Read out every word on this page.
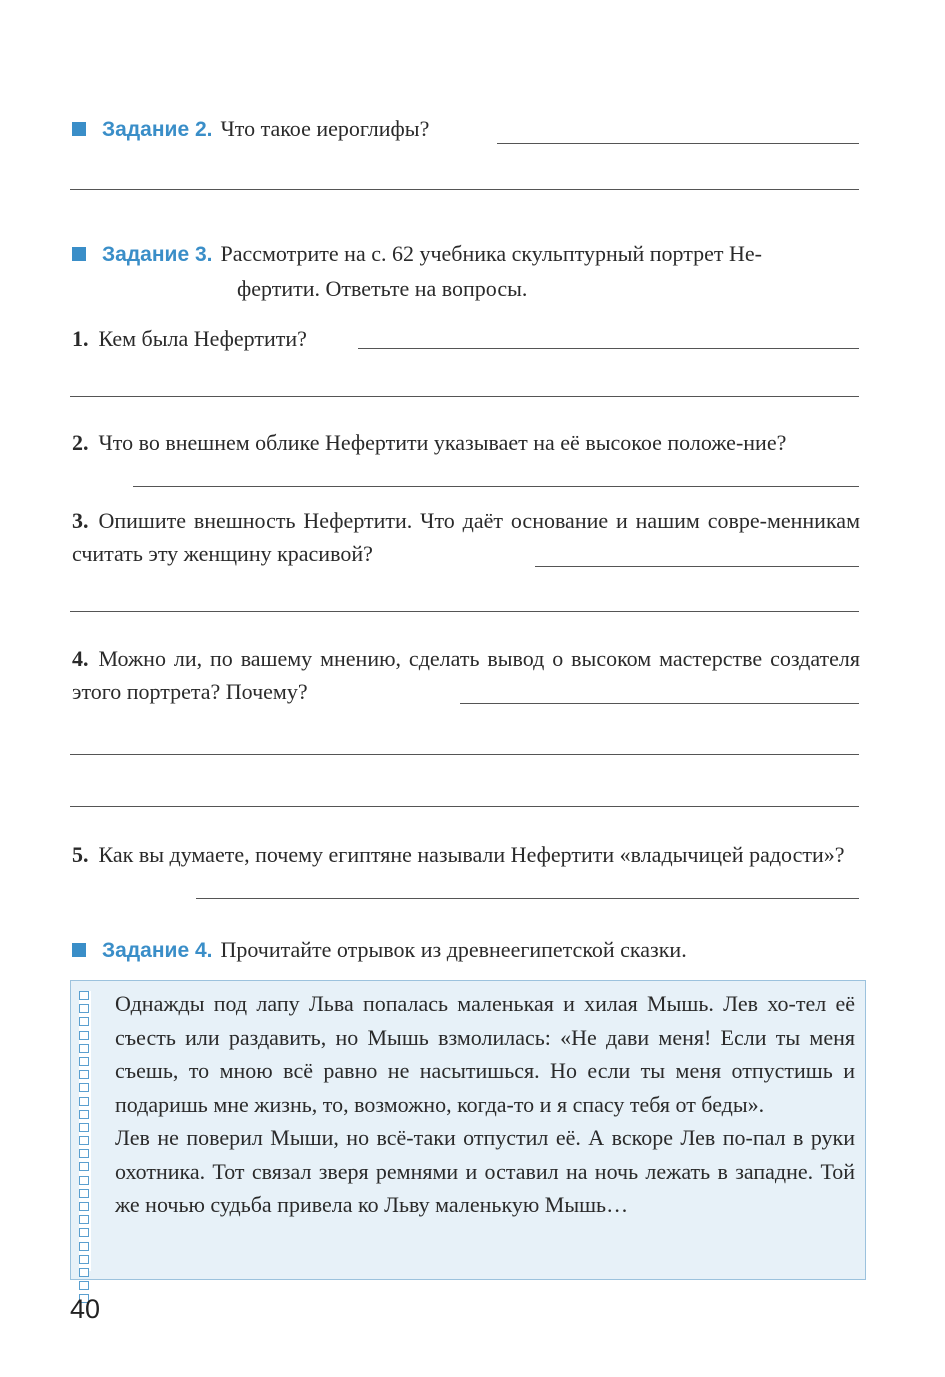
Задание 2. Что такое иероглифы?
Задание 3. Рассмотрите на с. 62 учебника скульптурный портрет Не-
фертити. Ответьте на вопросы.
1. Кем была Нефертити?
2. Что во внешнем облике Нефертити указывает на её высокое положе-ние?
3. Опишите внешность Нефертити. Что даёт основание и нашим совре-менникам считать эту женщину красивой?
4. Можно ли, по вашему мнению, сделать вывод о высоком мастерстве создателя этого портрета? Почему?
5. Как вы думаете, почему египтяне называли Нефертити «владычицей радости»?
Задание 4. Прочитайте отрывок из древнеегипетской сказки.

Однажды под лапу Льва попалась маленькая и хилая Мышь. Лев хо-тел её съесть или раздавить, но Мышь взмолилась: «Не дави меня! Если ты меня съешь, то мною всё равно не насытишься. Но если ты меня отпустишь и подаришь мне жизнь, то, возможно, когда-то и я спасу тебя от беды».

Лев не поверил Мыши, но всё-таки отпустил её. А вскоре Лев по-пал в руки охотника. Тот связал зверя ремнями и оставил на ночь лежать в западне. Той же ночью судьба привела ко Льву маленькую Мышь…

40
